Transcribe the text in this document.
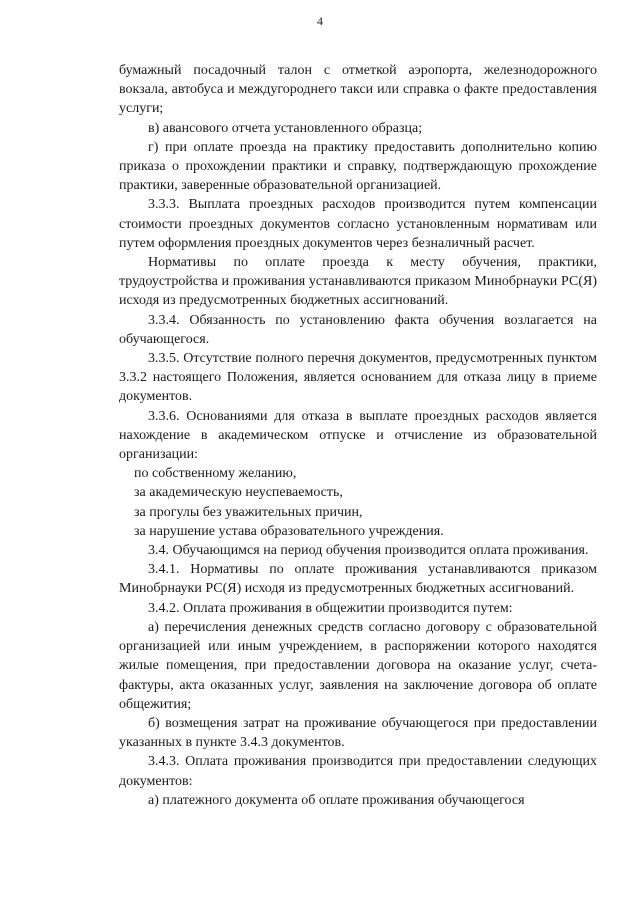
4

бумажный посадочный талон с отметкой аэропорта, железнодорожного вокзала, автобуса и междугороднего такси или справка о факте предоставления услуги;

в) авансового отчета установленного образца;

г) при оплате проезда на практику предоставить дополнительно копию приказа о прохождении практики и справку, подтверждающую прохождение практики, заверенные образовательной организацией.

3.3.3. Выплата проездных расходов производится путем компенсации стоимости проездных документов согласно установленным нормативам или путем оформления проездных документов через безналичный расчет.

Нормативы по оплате проезда к месту обучения, практики, трудоустройства и проживания устанавливаются приказом Минобрнауки РС(Я) исходя из предусмотренных бюджетных ассигнований.

3.3.4. Обязанность по установлению факта обучения возлагается на обучающегося.

3.3.5. Отсутствие полного перечня документов, предусмотренных пунктом 3.3.2 настоящего Положения, является основанием для отказа лицу в приеме документов.

3.3.6. Основаниями для отказа в выплате проездных расходов является нахождение в академическом отпуске и отчисление из образовательной организации:

по собственному желанию,

за академическую неуспеваемость,

за прогулы без уважительных причин,

за нарушение устава образовательного учреждения.

3.4. Обучающимся на период обучения производится оплата проживания.

3.4.1. Нормативы по оплате проживания устанавливаются приказом Минобрнауки РС(Я) исходя из предусмотренных бюджетных ассигнований.

3.4.2. Оплата проживания в общежитии производится путем:

а) перечисления денежных средств согласно договору с образовательной организацией или иным учреждением, в распоряжении которого находятся жилые помещения, при предоставлении договора на оказание услуг, счета-фактуры, акта оказанных услуг, заявления на заключение договора об оплате общежития;

б) возмещения затрат на проживание обучающегося при предоставлении указанных в пункте 3.4.3 документов.

3.4.3. Оплата проживания производится при предоставлении следующих документов:

а) платежного документа об оплате проживания обучающегося
